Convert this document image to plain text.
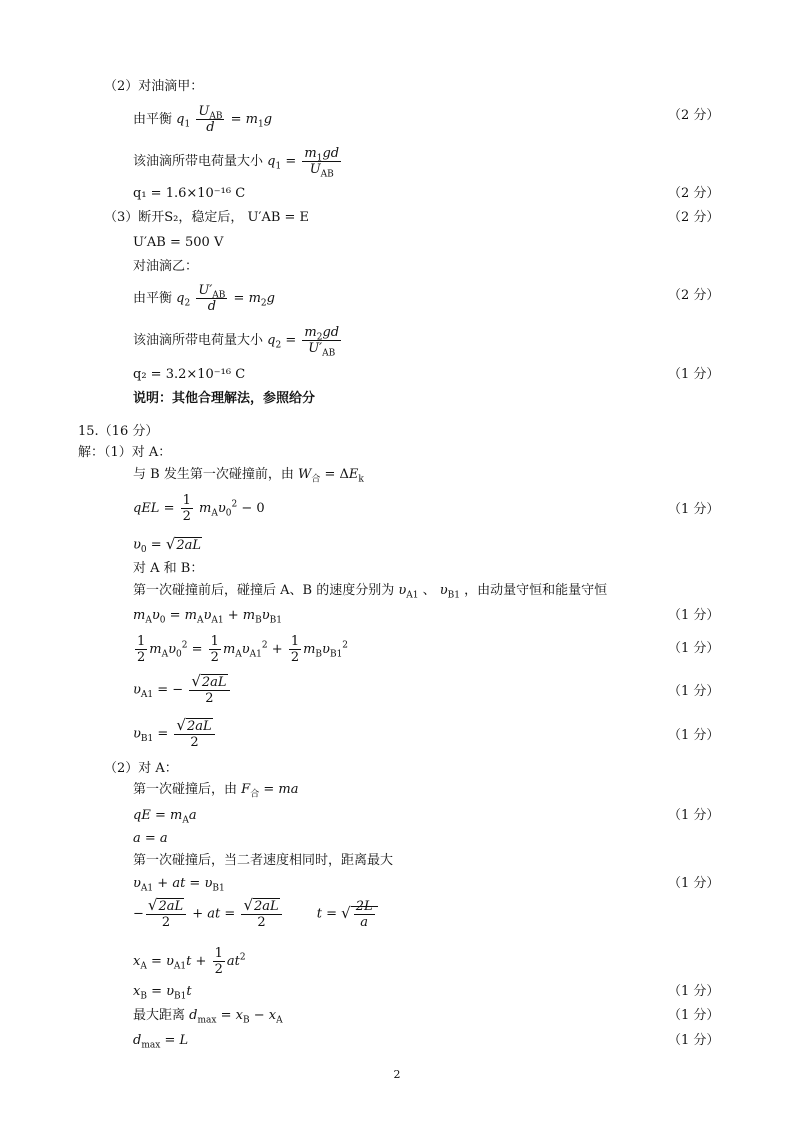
（2）对油滴甲：
由平衡 $q_1 \frac{U_{AB}}{d} = m_1g$	（2 分）
该油滴所带电荷量大小 $q_1 = \frac{m_1gd}{U_{AB}}$
q₁ = 1.6×10⁻¹⁶ C	（2 分）
（3）断开S₂，稳定后， U′AB = E	（2 分）
U′AB = 500 V
对油滴乙：
由平衡 $q_2 \frac{U'_{AB}}{d} = m_2g$	（2 分）
该油滴所带电荷量大小 $q_2 = \frac{m_2gd}{U'_{AB}}$
q₂ = 3.2×10⁻¹⁶ C	（1 分）
说明：其他合理解法，参照给分
15.（16 分）
解：（1）对 A：
与 B 发生第一次碰撞前，由 $W_合 = \Delta E_k$
qEL = $\frac{1}{2} m_A\upsilon_0^2 - 0$	（1 分）
$\upsilon_0 = √2aL$
对 A 和 B：
第一次碰撞前后，碰撞后 A、B 的速度分别为 $\upsilon_{A1}$ 、 $\upsilon_{B1}$ ，由动量守恒和能量守恒
$m_A\upsilon_0 = m_A\upsilon_{A1} + m_B\upsilon_{B1}$	（1 分）
$\frac{1}{2} m_A\upsilon_0^2 = \frac{1}{2} m_A\upsilon_{A1}^2 + \frac{1}{2} m_B\upsilon_{B1}^2$	（1 分）
$\upsilon_{A1}$ = − $\frac{√2aL}{2}$	（1 分）
$\upsilon_{B1} = \frac{√2aL}{2}$	（1 分）
（2）对 A：
第一次碰撞后，由 $F_合$ = ma
qE = $m_Aa$	（1 分）
a = a
第一次碰撞后，当二者速度相同时，距离最大
$\upsilon_{A1}$ + at = $\upsilon_{B1}$	（1 分）
− $\frac{√2aL}{2}$ + at = $\frac{√2aL}{2}$	t = √ $\frac{2L}{a}$
$x_A = \upsilon_{A1}t + \frac{1}{2} at^2$
$x_B = \upsilon_{B1}t$	（1 分）
最大距离 $d_{max} = x_B - x_A$	（1 分）
$d_{max} = L$	（1 分）
2
